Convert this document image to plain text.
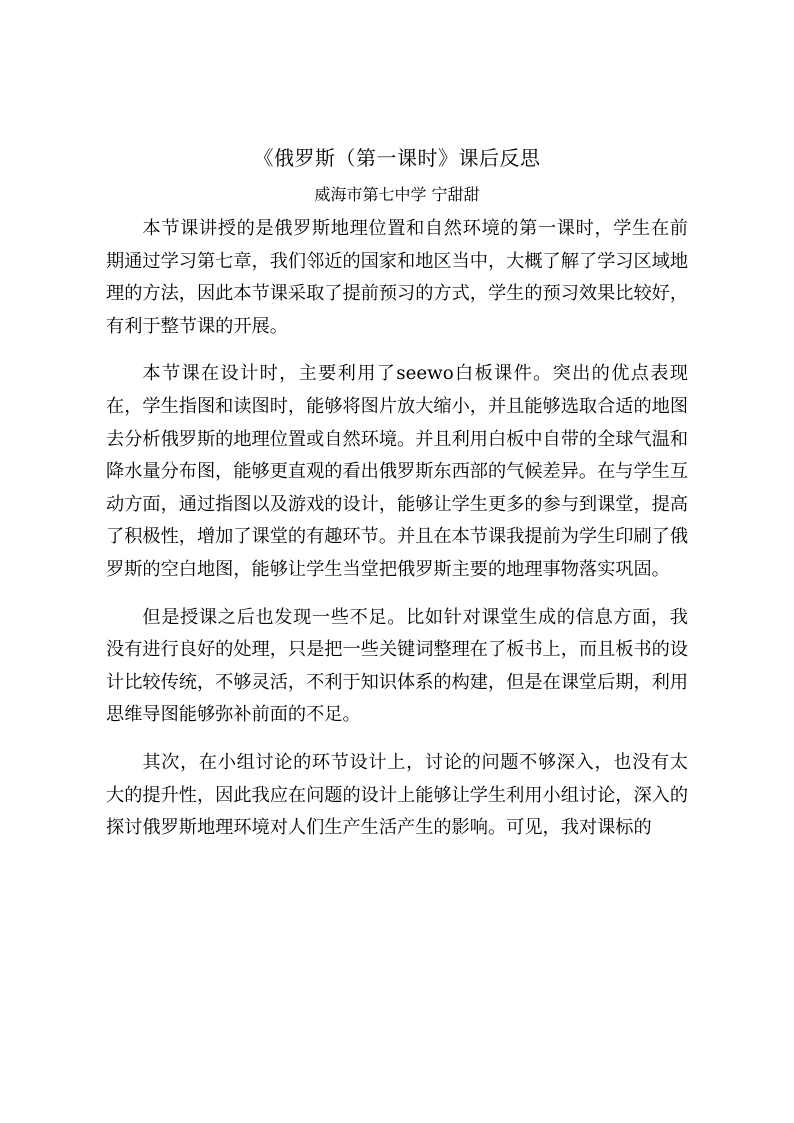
《俄罗斯（第一课时》课后反思
威海市第七中学 宁甜甜

本节课讲授的是俄罗斯地理位置和自然环境的第一课时，学生在前期通过学习第七章，我们邻近的国家和地区当中，大概了解了学习区域地理的方法，因此本节课采取了提前预习的方式，学生的预习效果比较好，有利于整节课的开展。

本节课在设计时，主要利用了seewo白板课件。突出的优点表现在，学生指图和读图时，能够将图片放大缩小，并且能够选取合适的地图去分析俄罗斯的地理位置或自然环境。并且利用白板中自带的全球气温和降水量分布图，能够更直观的看出俄罗斯东西部的气候差异。在与学生互动方面，通过指图以及游戏的设计，能够让学生更多的参与到课堂，提高了积极性，增加了课堂的有趣环节。并且在本节课我提前为学生印刷了俄罗斯的空白地图，能够让学生当堂把俄罗斯主要的地理事物落实巩固。

但是授课之后也发现一些不足。比如针对课堂生成的信息方面，我没有进行良好的处理，只是把一些关键词整理在了板书上，而且板书的设计比较传统，不够灵活，不利于知识体系的构建，但是在课堂后期，利用思维导图能够弥补前面的不足。

其次，在小组讨论的环节设计上，讨论的问题不够深入，也没有太大的提升性，因此我应在问题的设计上能够让学生利用小组讨论，深入的探讨俄罗斯地理环境对人们生产生活产生的影响。可见，我对课标的
